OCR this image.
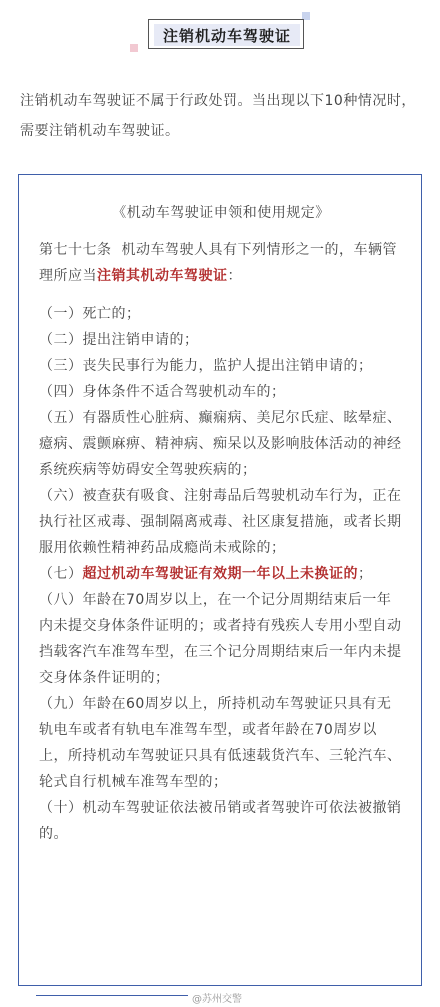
注销机动车驾驶证
注销机动车驾驶证不属于行政处罚。当出现以下10种情况时，需要注销机动车驾驶证。
《机动车驾驶证申领和使用规定》

第七十七条 机动车驾驶人具有下列情形之一的，车辆管理所应当注销其机动车驾驶证：

（一）死亡的；

（二）提出注销申请的；

（三）丧失民事行为能力，监护人提出注销申请的；

（四）身体条件不适合驾驶机动车的；

（五）有器质性心脏病、癫痫病、美尼尔氏症、眩晕症、癔病、震颤麻痹、精神病、痴呆以及影响肢体活动的神经系统疾病等妨碍安全驾驶疾病的；

（六）被查获有吸食、注射毒品后驾驶机动车行为，正在执行社区戒毒、强制隔离戒毒、社区康复措施，或者长期服用依赖性精神药品成瘾尚未戒除的；

（七）超过机动车驾驶证有效期一年以上未换证的；

（八）年龄在70周岁以上，在一个记分周期结束后一年内未提交身体条件证明的；或者持有残疾人专用小型自动挡载客汽车准驾车型，在三个记分周期结束后一年内未提交身体条件证明的；

（九）年龄在60周岁以上，所持机动车驾驶证只具有无轨电车或者有轨电车准驾车型，或者年龄在70周岁以上，所持机动车驾驶证只具有低速载货汽车、三轮汽车、轮式自行机械车准驾车型的；

（十）机动车驾驶证依法被吊销或者驾驶许可依法被撤销的。

@苏州交警
